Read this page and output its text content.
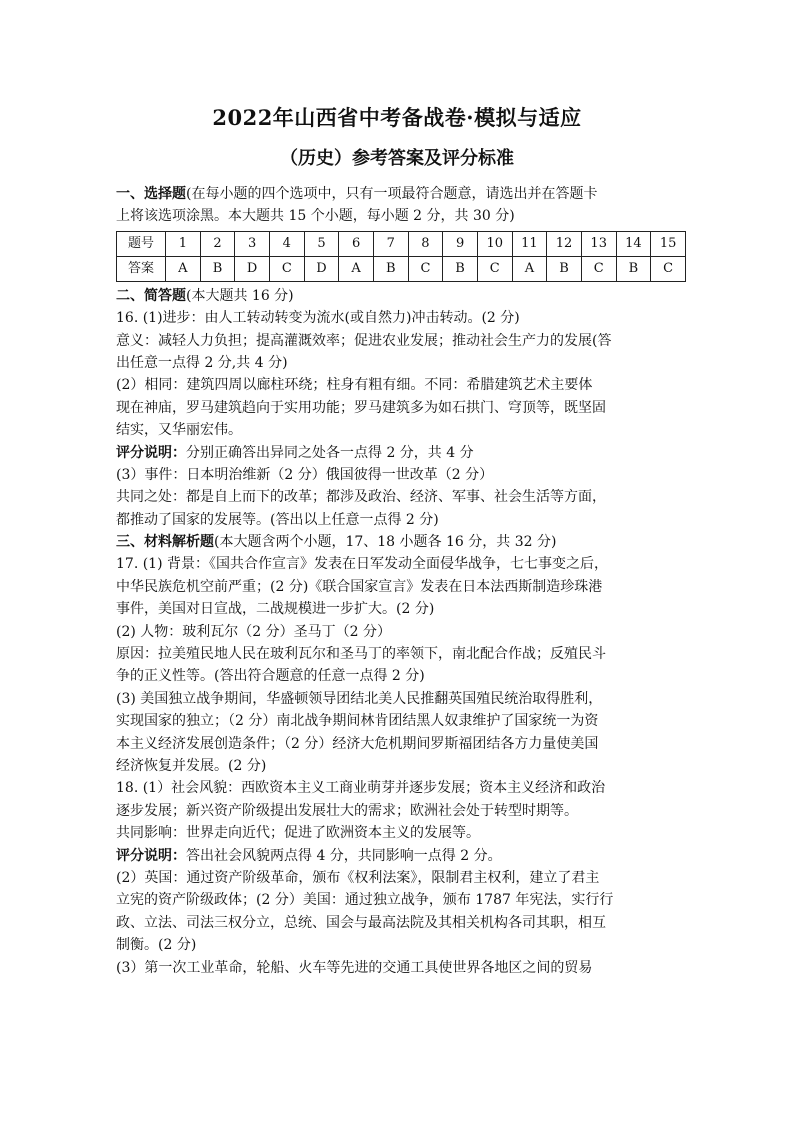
2022年山西省中考备战卷·模拟与适应
（历史）参考答案及评分标准
一、选择题(在每小题的四个选项中，只有一项最符合题意，请选出并在答题卡
上将该选项涂黑。本大题共 15 个小题，每小题 2 分，共 30 分)
题号	1	2	3	4	5	6	7	8	9	10	11	12	13	14	15
答案	A	B	D	C	D	A	B	C	B	C	A	B	C	B	C
二、简答题(本大题共 16 分)
16. (1)进步：由人工转动转变为流水(或自然力)冲击转动。(2 分)
意义：减轻人力负担；提高灌溉效率；促进农业发展；推动社会生产力的发展(答
出任意一点得 2 分,共 4 分)
(2）相同：建筑四周以廊柱环绕；柱身有粗有细。不同：希腊建筑艺术主要体
现在神庙，罗马建筑趋向于实用功能；罗马建筑多为如石拱门、穹顶等，既坚固
结实，又华丽宏伟。
评分说明：分别正确答出异同之处各一点得 2 分，共 4 分
(3）事件：日本明治维新（2 分）俄国彼得一世改革（2 分）
共同之处：都是自上而下的改革；都涉及政治、经济、军事、社会生活等方面，
都推动了国家的发展等。(答出以上任意一点得 2 分)
三、材料解析题(本大题含两个小题，17、18 小题各 16 分，共 32 分)
17. (1) 背景：《国共合作宣言》发表在日军发动全面侵华战争，七七事变之后，
中华民族危机空前严重；(2 分)《联合国家宣言》发表在日本法西斯制造珍珠港
事件，美国对日宣战，二战规模进一步扩大。(2 分)
(2) 人物：玻利瓦尔（2 分）圣马丁（2 分）
原因：拉美殖民地人民在玻利瓦尔和圣马丁的率领下，南北配合作战；反殖民斗
争的正义性等。(答出符合题意的任意一点得 2 分)
(3) 美国独立战争期间，华盛顿领导团结北美人民推翻英国殖民统治取得胜利，
实现国家的独立；（2 分）南北战争期间林肯团结黑人奴隶维护了国家统一为资
本主义经济发展创造条件；（2 分）经济大危机期间罗斯福团结各方力量使美国
经济恢复并发展。(2 分)
18. (1）社会风貌：西欧资本主义工商业萌芽并逐步发展；资本主义经济和政治
逐步发展；新兴资产阶级提出发展壮大的需求；欧洲社会处于转型时期等。
共同影响：世界走向近代；促进了欧洲资本主义的发展等。
评分说明：答出社会风貌两点得 4 分，共同影响一点得 2 分。
(2）英国：通过资产阶级革命，颁布《权利法案》，限制君主权利，建立了君主
立宪的资产阶级政体；(2 分）美国：通过独立战争，颁布 1787 年宪法，实行行
政、立法、司法三权分立，总统、国会与最高法院及其相关机构各司其职，相互
制衡。(2 分)
(3）第一次工业革命，轮船、火车等先进的交通工具使世界各地区之间的贸易
